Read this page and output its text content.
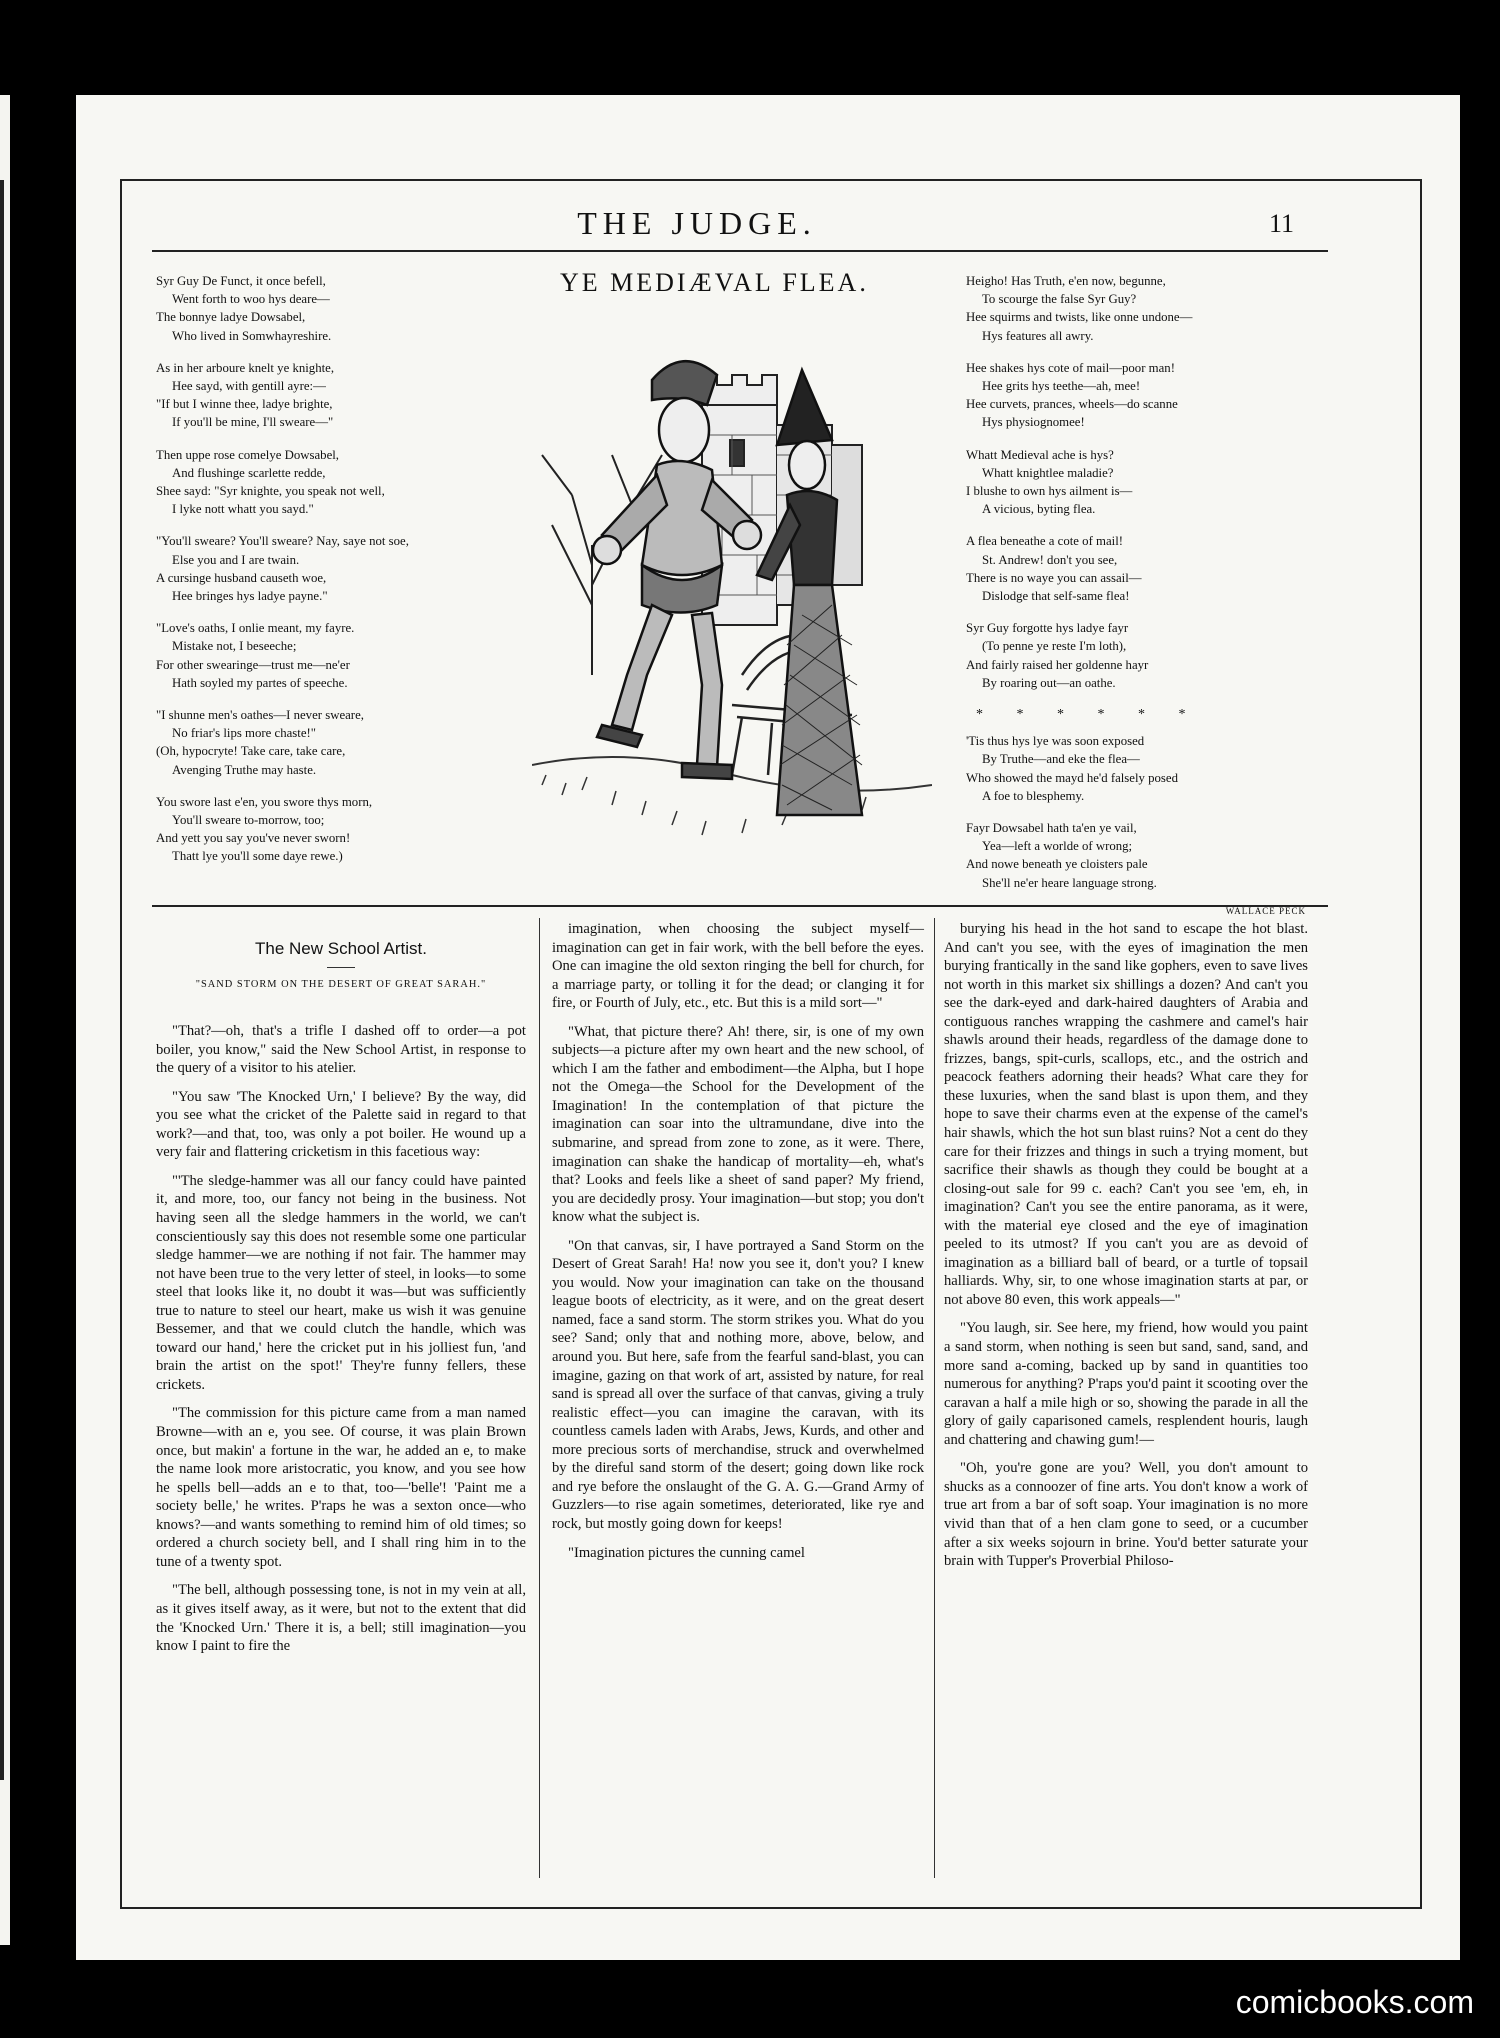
THE JUDGE.	11
Syr Guy De Funct, it once befell,
Went forth to woo hys deare—
The bonnye ladye Dowsabel,
Who lived in Somwhayreshire.
As in her arboure knelt ye knighte,
Hee sayd, with gentill ayre:—
"If but I winne thee, ladye brighte,
If you'll be mine, I'll sweare—"
Then uppe rose comelye Dowsabel,
And flushinge scarlette redde,
Shee sayd: "Syr knighte, you speak not well,
I lyke nott whatt you sayd."
"You'll sweare? You'll sweare? Nay, saye not soe,
Else you and I are twain.
A cursinge husband causeth woe,
Hee bringes hys ladye payne."
"Love's oaths, I onlie meant, my fayre.
Mistake not, I beseeche;
For other swearinge—trust me—ne'er
Hath soyled my partes of speeche.
"I shunne men's oathes—I never sweare,
No friar's lips more chaste!"
(Oh, hypocryte! Take care, take care,
Avenging Truthe may haste.
You swore last e'en, you swore thys morn,
You'll sweare to-morrow, too;
And yett you say you've never sworn!
Thatt lye you'll some daye rewe.)
YE MEDIÆVAL FLEA.	Heigho! Has Truth, e'en now, begunne,
To scourge the false Syr Guy?
Hee squirms and twists, like onne undone—
Hys features all awry.
Hee shakes hys cote of mail—poor man!
Hee grits hys teethe—ah, mee!
Hee curvets, prances, wheels—do scanne
Hys physiognomee!
Whatt Medieval ache is hys?
Whatt knightlee maladie?
I blushe to own hys ailment is—
A vicious, byting flea.
A flea beneathe a cote of mail!
St. Andrew! don't you see,
There is no waye you can assail—
Dislodge that self-same flea!
Syr Guy forgotte hys ladye fayr
(To penne ye reste I'm loth),
And fairly raised her goldenne hayr
By roaring out—an oathe.
* * * * * *
'Tis thus hys lye was soon exposed
By Truthe—and eke the flea—
Who showed the mayd he'd falsely posed
A foe to blesphemy.
Fayr Dowsabel hath ta'en ye vail,
Yea—left a worlde of wrong;
And nowe beneath ye cloisters pale
She'll ne'er heare language strong.
WALLACE PECK
The New School Artist.
"SAND STORM ON THE DESERT OF GREAT SARAH."

"That?—oh, that's a trifle I dashed off to order—a pot boiler, you know," said the New School Artist, in response to the query of a visitor to his atelier.

"You saw 'The Knocked Urn,' I believe? By the way, did you see what the cricket of the Palette said in regard to that work?—and that, too, was only a pot boiler. He wound up a very fair and flattering cricketism in this facetious way:

"'The sledge-hammer was all our fancy could have painted it, and more, too, our fancy not being in the business. Not having seen all the sledge hammers in the world, we can't conscientiously say this does not resemble some one particular sledge hammer—we are nothing if not fair. The hammer may not have been true to the very letter of steel, in looks—to some steel that looks like it, no doubt it was—but was sufficiently true to nature to steel our heart, make us wish it was genuine Bessemer, and that we could clutch the handle, which was toward our hand,' here the cricket put in his jolliest fun, 'and brain the artist on the spot!' They're funny fellers, these crickets.

"The commission for this picture came from a man named Browne—with an e, you see. Of course, it was plain Brown once, but makin' a fortune in the war, he added an e, to make the name look more aristocratic, you know, and you see how he spells bell—adds an e to that, too—'belle'! 'Paint me a society belle,' he writes. P'raps he was a sexton once—who knows?—and wants something to remind him of old times; so ordered a church society bell, and I shall ring him in to the tune of a twenty spot.

"The bell, although possessing tone, is not in my vein at all, as it gives itself away, as it were, but not to the extent that did the 'Knocked Urn.' There it is, a bell; still imagination—you know I paint to fire the

imagination, when choosing the subject myself—imagination can get in fair work, with the bell before the eyes. One can imagine the old sexton ringing the bell for church, for a marriage party, or tolling it for the dead; or clanging it for fire, or Fourth of July, etc., etc. But this is a mild sort—"

"What, that picture there? Ah! there, sir, is one of my own subjects—a picture after my own heart and the new school, of which I am the father and embodiment—the Alpha, but I hope not the Omega—the School for the Development of the Imagination! In the contemplation of that picture the imagination can soar into the ultramundane, dive into the submarine, and spread from zone to zone, as it were. There, imagination can shake the handicap of mortality—eh, what's that? Looks and feels like a sheet of sand paper? My friend, you are decidedly prosy. Your imagination—but stop; you don't know what the subject is.

"On that canvas, sir, I have portrayed a Sand Storm on the Desert of Great Sarah! Ha! now you see it, don't you? I knew you would. Now your imagination can take on the thousand league boots of electricity, as it were, and on the great desert named, face a sand storm. The storm strikes you. What do you see? Sand; only that and nothing more, above, below, and around you. But here, safe from the fearful sand-blast, you can imagine, gazing on that work of art, assisted by nature, for real sand is spread all over the surface of that canvas, giving a truly realistic effect—you can imagine the caravan, with its countless camels laden with Arabs, Jews, Kurds, and other and more precious sorts of merchandise, struck and overwhelmed by the direful sand storm of the desert; going down like rock and rye before the onslaught of the G. A. G.—Grand Army of Guzzlers—to rise again sometimes, deteriorated, like rye and rock, but mostly going down for keeps!

"Imagination pictures the cunning camel

burying his head in the hot sand to escape the hot blast. And can't you see, with the eyes of imagination the men burying frantically in the sand like gophers, even to save lives not worth in this market six shillings a dozen? And can't you see the dark-eyed and dark-haired daughters of Arabia and contiguous ranches wrapping the cashmere and camel's hair shawls around their heads, regardless of the damage done to frizzes, bangs, spit-curls, scallops, etc., and the ostrich and peacock feathers adorning their heads? What care they for these luxuries, when the sand blast is upon them, and they hope to save their charms even at the expense of the camel's hair shawls, which the hot sun blast ruins? Not a cent do they care for their frizzes and things in such a trying moment, but sacrifice their shawls as though they could be bought at a closing-out sale for 99 c. each? Can't you see 'em, eh, in imagination? Can't you see the entire panorama, as it were, with the material eye closed and the eye of imagination peeled to its utmost? If you can't you are as devoid of imagination as a billiard ball of beard, or a turtle of topsail halliards. Why, sir, to one whose imagination starts at par, or not above 80 even, this work appeals—"

"You laugh, sir. See here, my friend, how would you paint a sand storm, when nothing is seen but sand, sand, sand, and more sand a-coming, backed up by sand in quantities too numerous for anything? P'raps you'd paint it scooting over the caravan a half a mile high or so, showing the parade in all the glory of gaily caparisoned camels, resplendent houris, laugh and chattering and chawing gum!—

"Oh, you're gone are you? Well, you don't amount to shucks as a connoozer of fine arts. You don't know a work of true art from a bar of soft soap. Your imagination is no more vivid than that of a hen clam gone to seed, or a cucumber after a six weeks sojourn in brine. You'd better saturate your brain with Tupper's Proverbial Philoso-

comicbooks.com
